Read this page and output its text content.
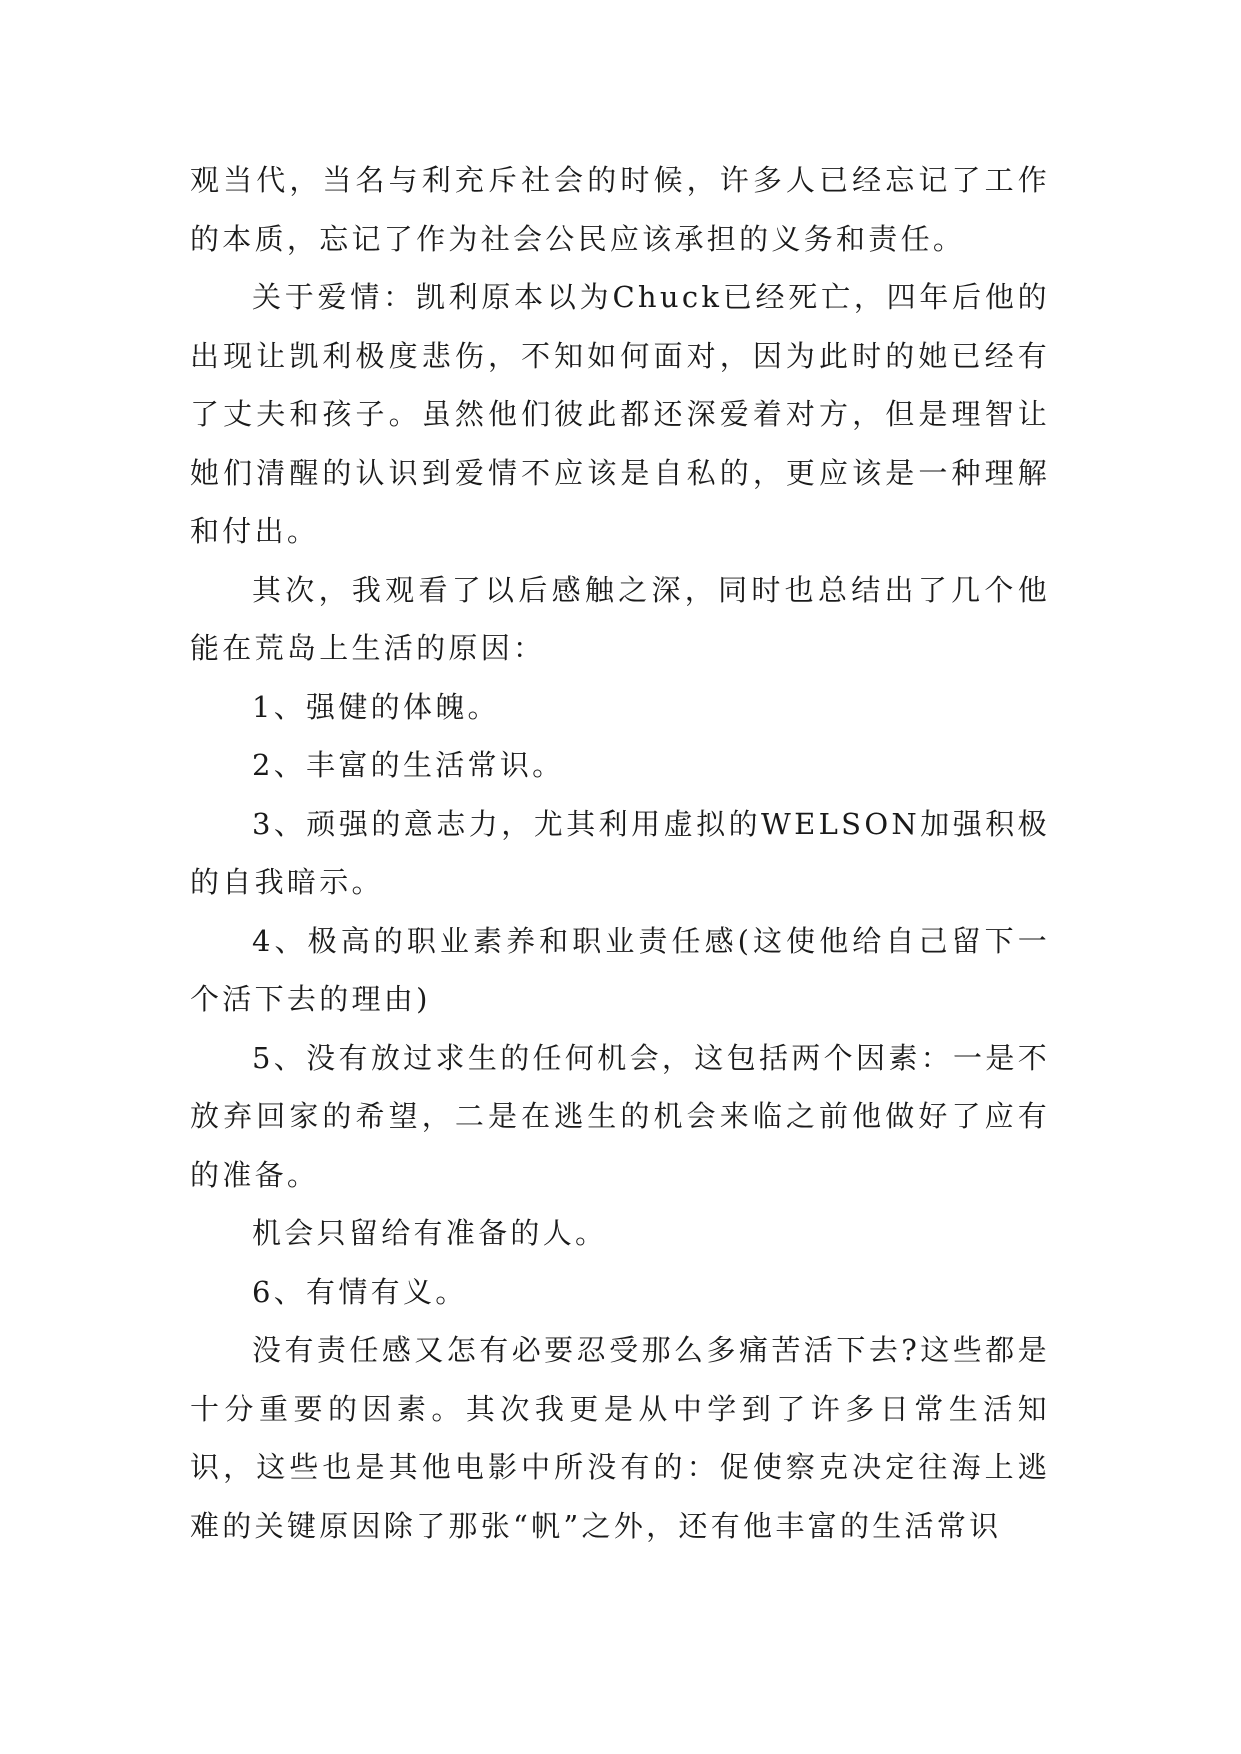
观当代，当名与利充斥社会的时候，许多人已经忘记了工作的本质，忘记了作为社会公民应该承担的义务和责任。

关于爱情：凯利原本以为Chuck已经死亡，四年后他的出现让凯利极度悲伤，不知如何面对，因为此时的她已经有了丈夫和孩子。虽然他们彼此都还深爱着对方，但是理智让她们清醒的认识到爱情不应该是自私的，更应该是一种理解和付出。

其次，我观看了以后感触之深，同时也总结出了几个他能在荒岛上生活的原因：

1、强健的体魄。

2、丰富的生活常识。

3、顽强的意志力，尤其利用虚拟的WELSON加强积极的自我暗示。

4、极高的职业素养和职业责任感(这使他给自己留下一个活下去的理由)

5、没有放过求生的任何机会，这包括两个因素：一是不放弃回家的希望，二是在逃生的机会来临之前他做好了应有的准备。

机会只留给有准备的人。

6、有情有义。

没有责任感又怎有必要忍受那么多痛苦活下去?这些都是十分重要的因素。其次我更是从中学到了许多日常生活知识，这些也是其他电影中所没有的：促使察克决定往海上逃难的关键原因除了那张“帆”之外，还有他丰富的生活常识
